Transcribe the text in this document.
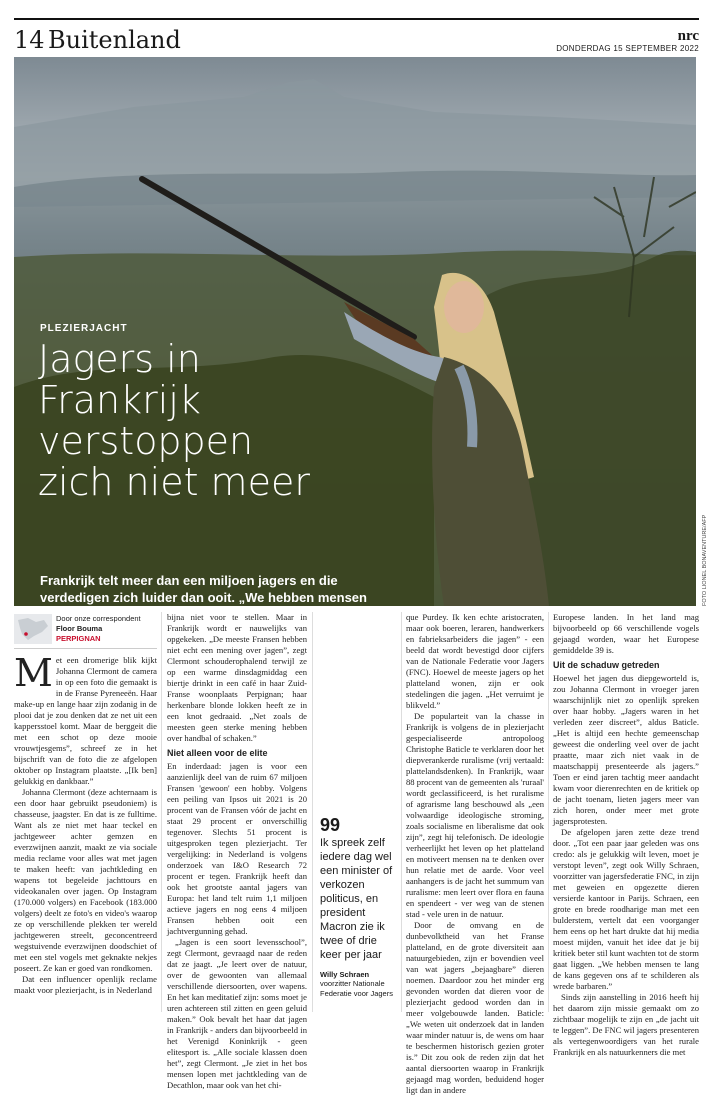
14 Buitenland	nrc
DONDERDAG 15 SEPTEMBER 2022
PLEZIERJACHT
Jagers in Frankrijk verstoppen zich niet meer

Frankrijk telt meer dan een miljoen jagers en die verdedigen zich luider dan ooit. „We hebben mensen	FOTO LIONEL BONAVENTURE/AFP
Door onze correspondent
Floor Bouma
PERPIGNAN

Met een dromerige blik kijkt Johanna Clermont de camera in op een foto die gemaakt is in de Franse Pyreneeën. Haar make-up en lange haar zijn zodanig in de plooi dat je zou denken dat ze net uit een kappersstoel komt. Maar de berggeit die met een schot op deze mooie vrouwtjesgems”, schreef ze in het bijschrift van de foto die ze afgelopen oktober op Instagram plaatste. „[Ik ben] gelukkig en dankbaar.”

Johanna Clermont (deze achternaam is een door haar gebruikt pseudoniem) is chasseuse, jaagster. En dat is ze fulltime. Want als ze niet met haar teckel en jachtgeweer achter gemzen en everzwijnen aanzit, maakt ze via sociale media reclame voor alles wat met jagen te maken heeft: van jachtkleding en wapens tot begeleide jachttours en videokanalen over jagen. Op Instagram (170.000 volgers) en Facebook (183.000 volgers) deelt ze foto's en video's waarop ze op verschillende plekken ter wereld jachtgeweren streelt, geconcentreerd wegstuivende everzwijnen doodschiet of met een stel vogels met geknakte nekjes poseert. Ze kan er goed van rondkomen.

Dat een influencer openlijk reclame maakt voor plezierjacht, is in Nederland

bijna niet voor te stellen. Maar in Frankrijk wordt er nauwelijks van opgekeken. „De meeste Fransen hebben niet echt een mening over jagen”, zegt Clermont schouderophalend terwijl ze op een warme dinsdagmiddag een biertje drinkt in een café in haar Zuid-Franse woonplaats Perpignan; haar herkenbare blonde lokken heeft ze in een knot gedraaid. „Net zoals de meesten geen sterke mening hebben over handbal of schaken.”

Niet alleen voor de elite

En inderdaad: jagen is voor een aanzienlijk deel van de ruim 67 miljoen Fransen 'gewoon' een hobby. Volgens een peiling van Ipsos uit 2021 is 20 procent van de Fransen vóór de jacht en staat 29 procent er onverschillig tegenover. Slechts 51 procent is uitgesproken tegen plezierjacht. Ter vergelijking: in Nederland is volgens onderzoek van I&O Research 72 procent er tegen. Frankrijk heeft dan ook het grootste aantal jagers van Europa: het land telt ruim 1,1 miljoen actieve jagers en nog eens 4 miljoen Fransen hebben ooit een jachtvergunning gehad.

„Jagen is een soort levensschool”, zegt Clermont, gevraagd naar de reden dat ze jaagt. „Je leert over de natuur, over de gewoonten van allemaal verschillende diersoorten, over wapens. En het kan meditatief zijn: soms moet je uren achtereen stil zitten en geen geluid maken.” Ook bevalt het haar dat jagen in Frankrijk - anders dan bijvoorbeeld in het Verenigd Koninkrijk - geen elitesport is. „Alle sociale klassen doen het”, zegt Clermont. „Je ziet in het bos mensen lopen met jachtkleding van de Decathlon, maar ook van het chi-

99
Ik spreek zelf iedere dag wel een minister of verkozen politicus, en president Macron zie ik twee of drie keer per jaar
Willy Schraen
voorzitter Nationale Federatie voor Jagers

que Purdey. Ik ken echte aristocraten, maar ook boeren, leraren, handwerkers en fabrieksarbeiders die jagen” - een beeld dat wordt bevestigd door cijfers van de Nationale Federatie voor Jagers (FNC). Hoewel de meeste jagers op het platteland wonen, zijn er ook stedelingen die jagen. „Het verruimt je blikveld.”

De popularteit van la chasse in Frankrijk is volgens de in plezierjacht gespecialiseerde antropoloog Christophe Baticle te verklaren door het diepverankerde ruralisme (vrij vertaald: plattelandsdenken). In Frankrijk, waar 88 procent van de gemeenten als 'ruraal' wordt geclassificeerd, is het ruralisme of agrarisme lang beschouwd als „een volwaardige ideologische stroming, zoals socialisme en liberalisme dat ook zijn”, zegt hij telefonisch. De ideologie verheerlijkt het leven op het platteland en motiveert mensen na te denken over hun relatie met de aarde. Voor veel aanhangers is de jacht het summum van ruralisme: men leert over flora en fauna en spendeert - ver weg van de stenen stad - vele uren in de natuur.

Door de omvang en de dunbevolktheid van het Franse platteland, en de grote diversiteit aan natuurgebieden, zijn er bovendien veel van wat jagers „bejaagbare” dieren noemen. Daardoor zou het minder erg gevonden worden dat dieren voor de plezierjacht gedood worden dan in meer volgebouwde landen. Baticle: „We weten uit onderzoek dat in landen waar minder natuur is, de wens om haar te beschermen historisch gezien groter is.” Dit zou ook de reden zijn dat het aantal diersoorten waarop in Frankrijk gejaagd mag worden, beduidend hoger ligt dan in andere

Europese landen. In het land mag bijvoorbeeld op 66 verschillende vogels gejaagd worden, waar het Europese gemiddelde 39 is.

Uit de schaduw getreden

Hoewel het jagen dus diepgeworteld is, zou Johanna Clermont in vroeger jaren waarschijnlijk niet zo openlijk spreken over haar hobby. „Jagers waren in het verleden zeer discreet”, aldus Baticle. „Het is altijd een hechte gemeenschap geweest die onderling veel over de jacht praatte, maar zich niet vaak in de maatschappij presenteerde als jagers.” Toen er eind jaren tachtig meer aandacht kwam voor dierenrechten en de kritiek op de jacht toenam, lieten jagers meer van zich horen, onder meer met grote jagersprotesten.

De afgelopen jaren zette deze trend door. „Tot een paar jaar geleden was ons credo: als je gelukkig wilt leven, moet je verstopt leven”, zegt ook Willy Schraen, voorzitter van jagersfederatie FNC, in zijn met geweien en opgezette dieren versierde kantoor in Parijs. Schraen, een grote en brede roodharige man met een bulderstem, vertelt dat een voorganger hem eens op het hart drukte dat hij media moest mijden, vanuit het idee dat je bij kritiek beter stil kunt wachten tot de storm gaat liggen. „We hebben mensen te lang de kans gegeven ons af te schilderen als wrede barbaren.”

Sinds zijn aanstelling in 2016 heeft hij het daarom zijn missie gemaakt om zo zichtbaar mogelijk te zijn en „de jacht uit te leggen”. De FNC wil jagers presenteren als vertegenwoordigers van het rurale Frankrijk en als natuurkenners die met
